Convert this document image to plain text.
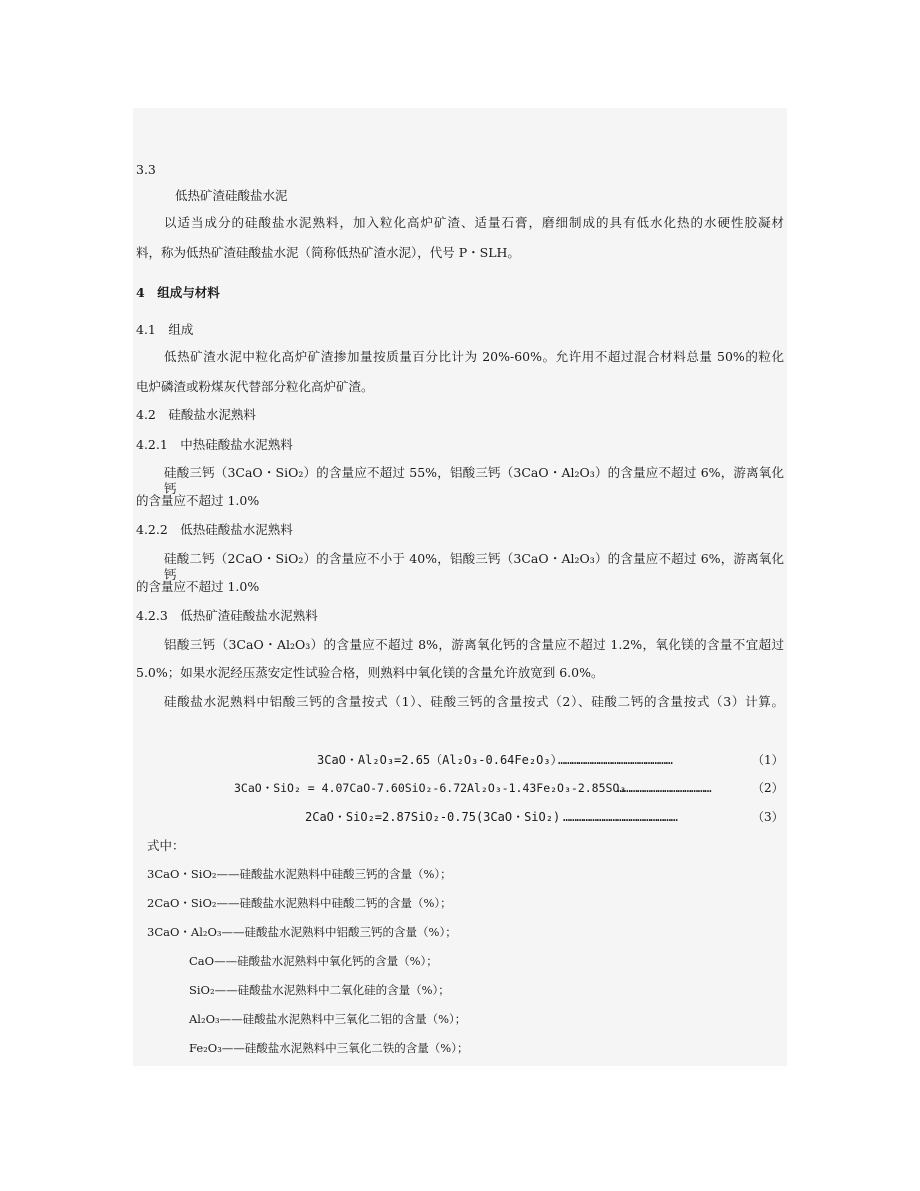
3.3
低热矿渣硅酸盐水泥
以适当成分的硅酸盐水泥熟料，加入粒化高炉矿渣、适量石膏，磨细制成的具有低水化热的水硬性胶凝材
料，称为低热矿渣硅酸盐水泥（简称低热矿渣水泥），代号 P・SLH。
4　组成与材料
4.1　组成
低热矿渣水泥中粒化高炉矿渣掺加量按质量百分比计为 20%-60%。允许用不超过混合材料总量 50%的粒化
电炉磷渣或粉煤灰代替部分粒化高炉矿渣。
4.2　硅酸盐水泥熟料
4.2.1　中热硅酸盐水泥熟料
硅酸三钙（3CaO・SiO₂）的含量应不超过 55%，铝酸三钙（3CaO・Al₂O₃）的含量应不超过 6%，游离氧化钙
的含量应不超过 1.0%
4.2.2　低热硅酸盐水泥熟料
硅酸二钙（2CaO・SiO₂）的含量应不小于 40%，铝酸三钙（3CaO・Al₂O₃）的含量应不超过 6%，游离氧化钙
的含量应不超过 1.0%
4.2.3　低热矿渣硅酸盐水泥熟料
铝酸三钙（3CaO・Al₂O₃）的含量应不超过 8%，游离氧化钙的含量应不超过 1.2%，氧化镁的含量不宜超过
5.0%；如果水泥经压蒸安定性试验合格，则熟料中氧化镁的含量允许放宽到 6.0%。
硅酸盐水泥熟料中铝酸三钙的含量按式（1）、硅酸三钙的含量按式（2）、硅酸二钙的含量按式（3）计算。
3CaO・Al₂O₃=2.65（Al₂O₃-0.64Fe₂O₃）
……………………………………………	（1）
3CaO・SiO₂ = 4.07CaO-7.60SiO₂-6.72Al₂O₃-1.43Fe₂O₃-2.85SO₃
……………………………………	（2）
2CaO・SiO₂=2.87SiO₂-0.75(3CaO・SiO₂) ……………………………………………	（3）
式中：
3CaO・SiO₂——硅酸盐水泥熟料中硅酸三钙的含量（%）；
2CaO・SiO₂——硅酸盐水泥熟料中硅酸二钙的含量（%）；
3CaO・Al₂O₃——硅酸盐水泥熟料中铝酸三钙的含量（%）；
CaO——硅酸盐水泥熟料中氧化钙的含量（%）；
SiO₂——硅酸盐水泥熟料中二氧化硅的含量（%）；
Al₂O₃——硅酸盐水泥熟料中三氧化二铝的含量（%）；
Fe₂O₃——硅酸盐水泥熟料中三氧化二铁的含量（%）；
